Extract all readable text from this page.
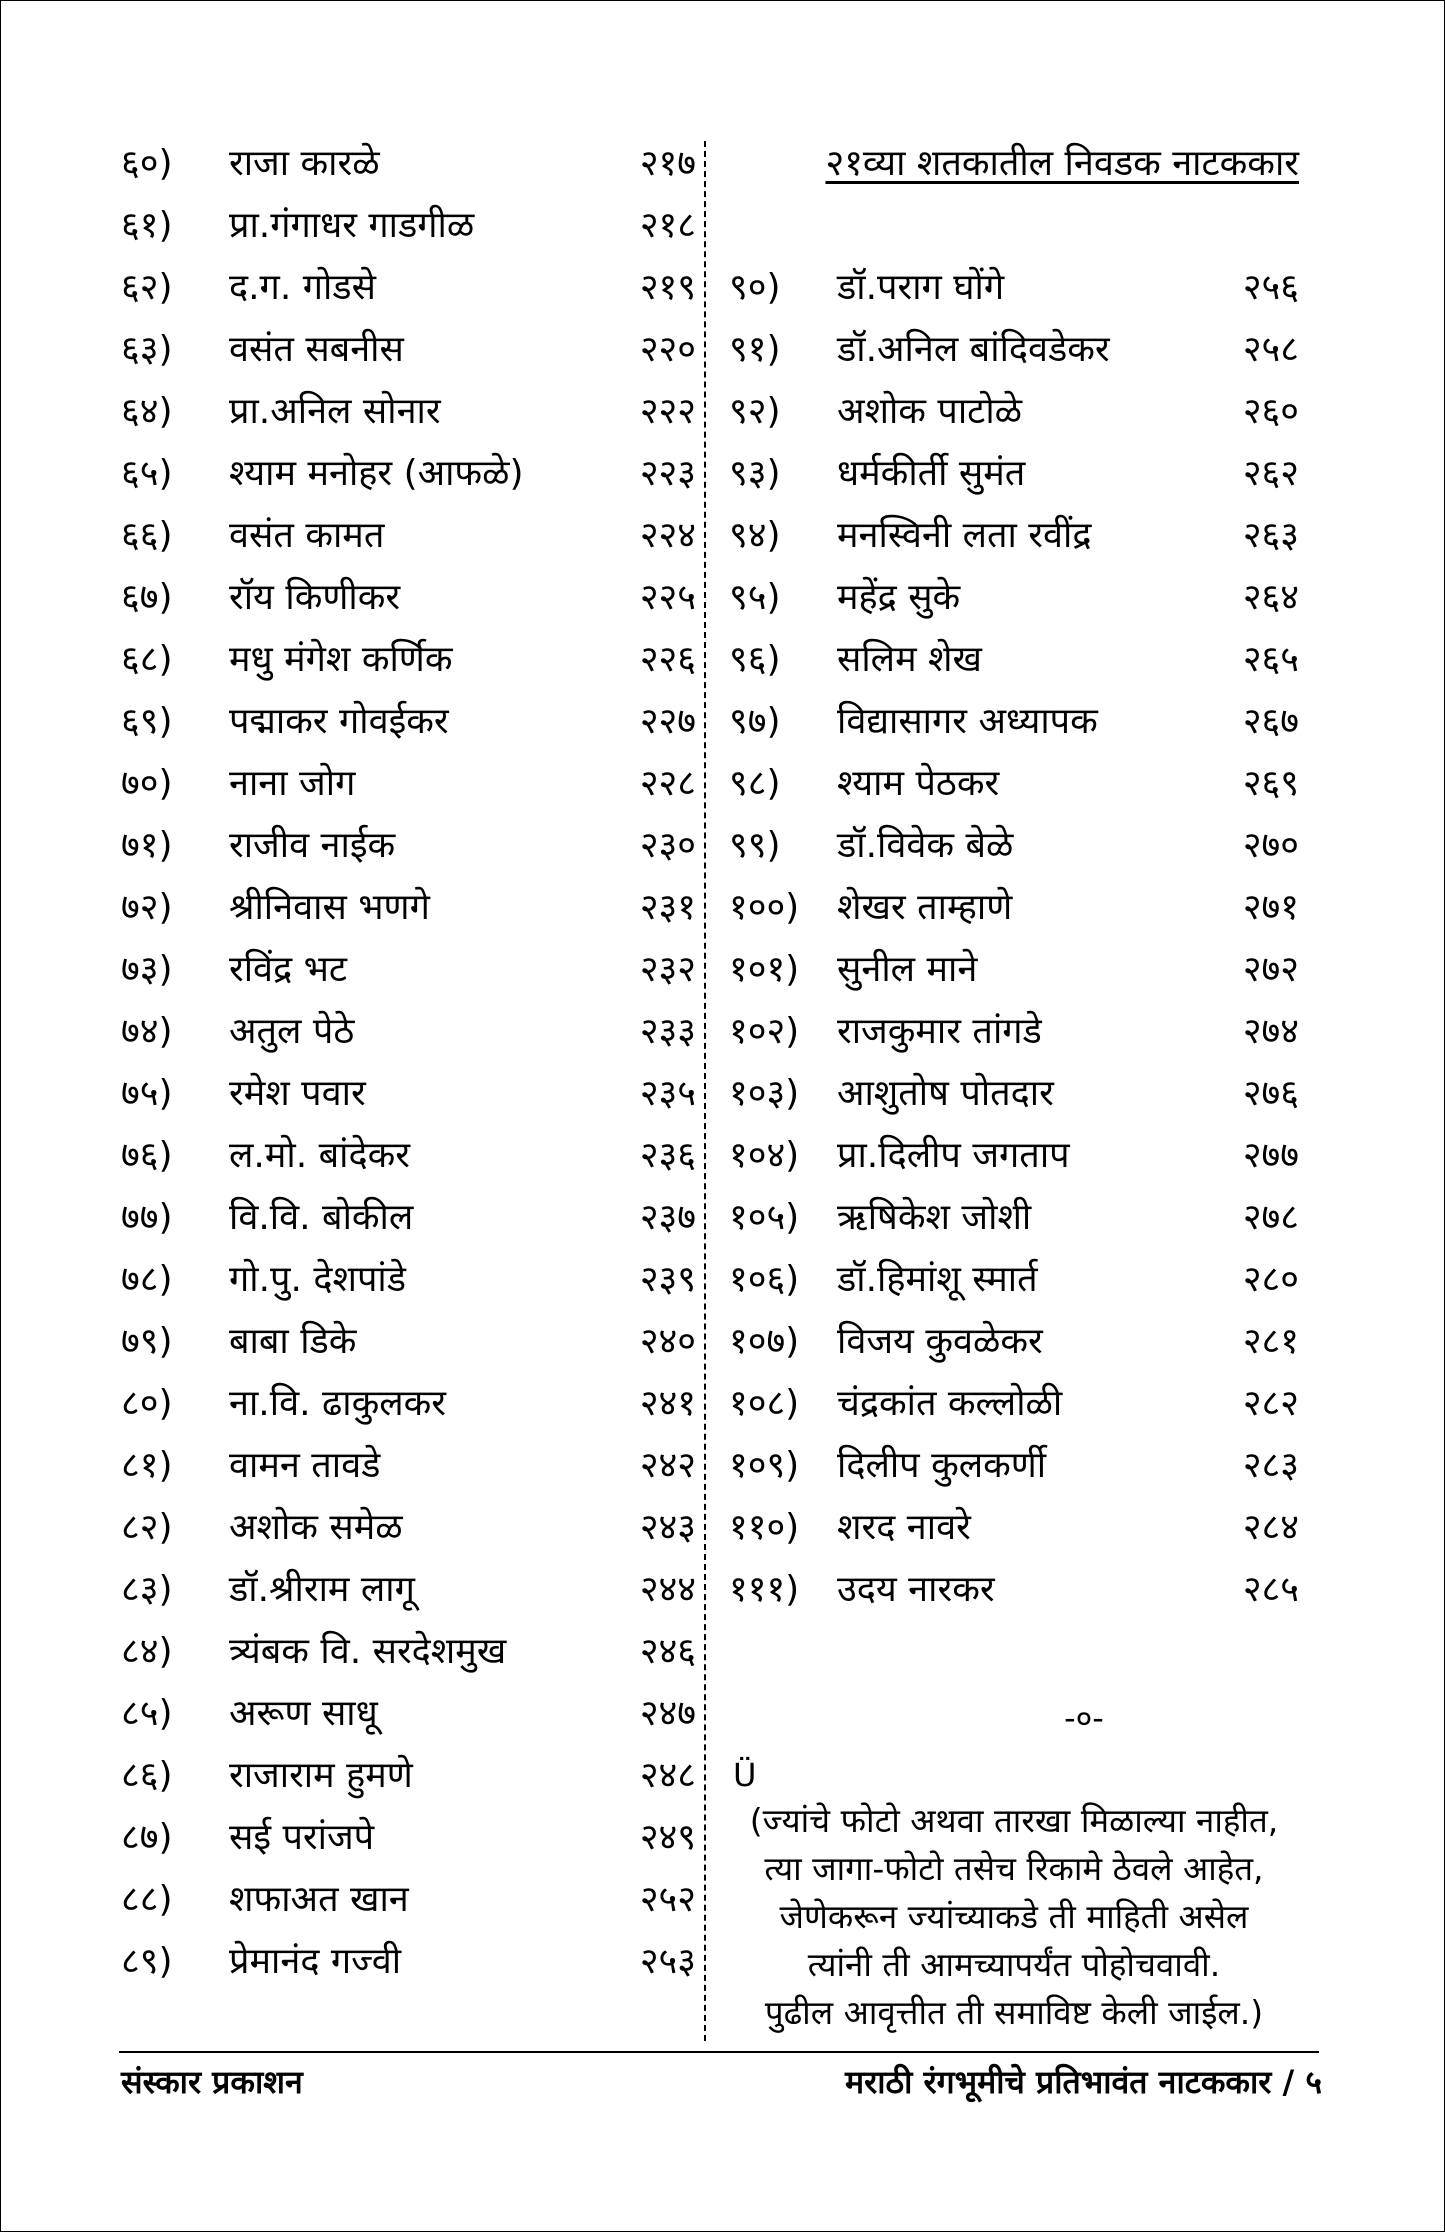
६०)	राजा कारळे	२१७
६१)	प्रा.गंगाधर गाडगीळ	२१८
६२)	द.ग. गोडसे	२१९
६३)	वसंत सबनीस	२२०
६४)	प्रा.अनिल सोनार	२२२
६५)	श्याम मनोहर (आफळे)	२२३
६६)	वसंत कामत	२२४
६७)	रॉय किणीकर	२२५
६८)	मधु मंगेश कर्णिक	२२६
६९)	पद्माकर गोवईकर	२२७
७०)	नाना जोग	२२८
७१)	राजीव नाईक	२३०
७२)	श्रीनिवास भणगे	२३१
७३)	रविंद्र भट	२३२
७४)	अतुल पेठे	२३३
७५)	रमेश पवार	२३५
७६)	ल.मो. बांदेकर	२३६
७७)	वि.वि. बोकील	२३७
७८)	गो.पु. देशपांडे	२३९
७९)	बाबा डिके	२४०
८०)	ना.वि. ढाकुलकर	२४१
८१)	वामन तावडे	२४२
८२)	अशोक समेळ	२४३
८३)	डॉ.श्रीराम लागू	२४४
८४)	त्र्यंबक वि. सरदेशमुख	२४६
८५)	अरूण साधू	२४७
८६)	राजाराम हुमणे	२४८
८७)	सई परांजपे	२४९
८८)	शफाअत खान	२५२
८९)	प्रेमानंद गज्वी	२५३
२१व्या शतकातील निवडक नाटककार
९०)	डॉ.पराग घोंगे	२५६
९१)	डॉ.अनिल बांदिवडेकर	२५८
९२)	अशोक पाटोळे	२६०
९३)	धर्मकीर्ती सुमंत	२६२
९४)	मनस्विनी लता रवींद्र	२६३
९५)	महेंद्र सुके	२६४
९६)	सलिम शेख	२६५
९७)	विद्यासागर अध्यापक	२६७
९८)	श्याम पेठकर	२६९
९९)	डॉ.विवेक बेळे	२७०
१००)	शेखर ताम्हाणे	२७१
१०१)	सुनील माने	२७२
१०२)	राजकुमार तांगडे	२७४
१०३)	आशुतोष पोतदार	२७६
१०४)	प्रा.दिलीप जगताप	२७७
१०५)	ऋषिकेश जोशी	२७८
१०६)	डॉ.हिमांशू स्मार्त	२८०
१०७)	विजय कुवळेकर	२८१
१०८)	चंद्रकांत कल्लोळी	२८२
१०९)	दिलीप कुलकर्णी	२८३
११०)	शरद नावरे	२८४
१११)	उदय नारकर	२८५
-०-
Ü
(ज्यांचे फोटो अथवा तारखा मिळाल्या नाहीत,
त्या जागा-फोटो तसेच रिकामे ठेवले आहेत,
जेणेकरून ज्यांच्याकडे ती माहिती असेल
त्यांनी ती आमच्यापर्यंत पोहोचवावी.
पुढील आवृत्तीत ती समाविष्ट केली जाईल.)
संस्कार प्रकाशन	मराठी रंगभूमीचे प्रतिभावंत नाटककार / ५
